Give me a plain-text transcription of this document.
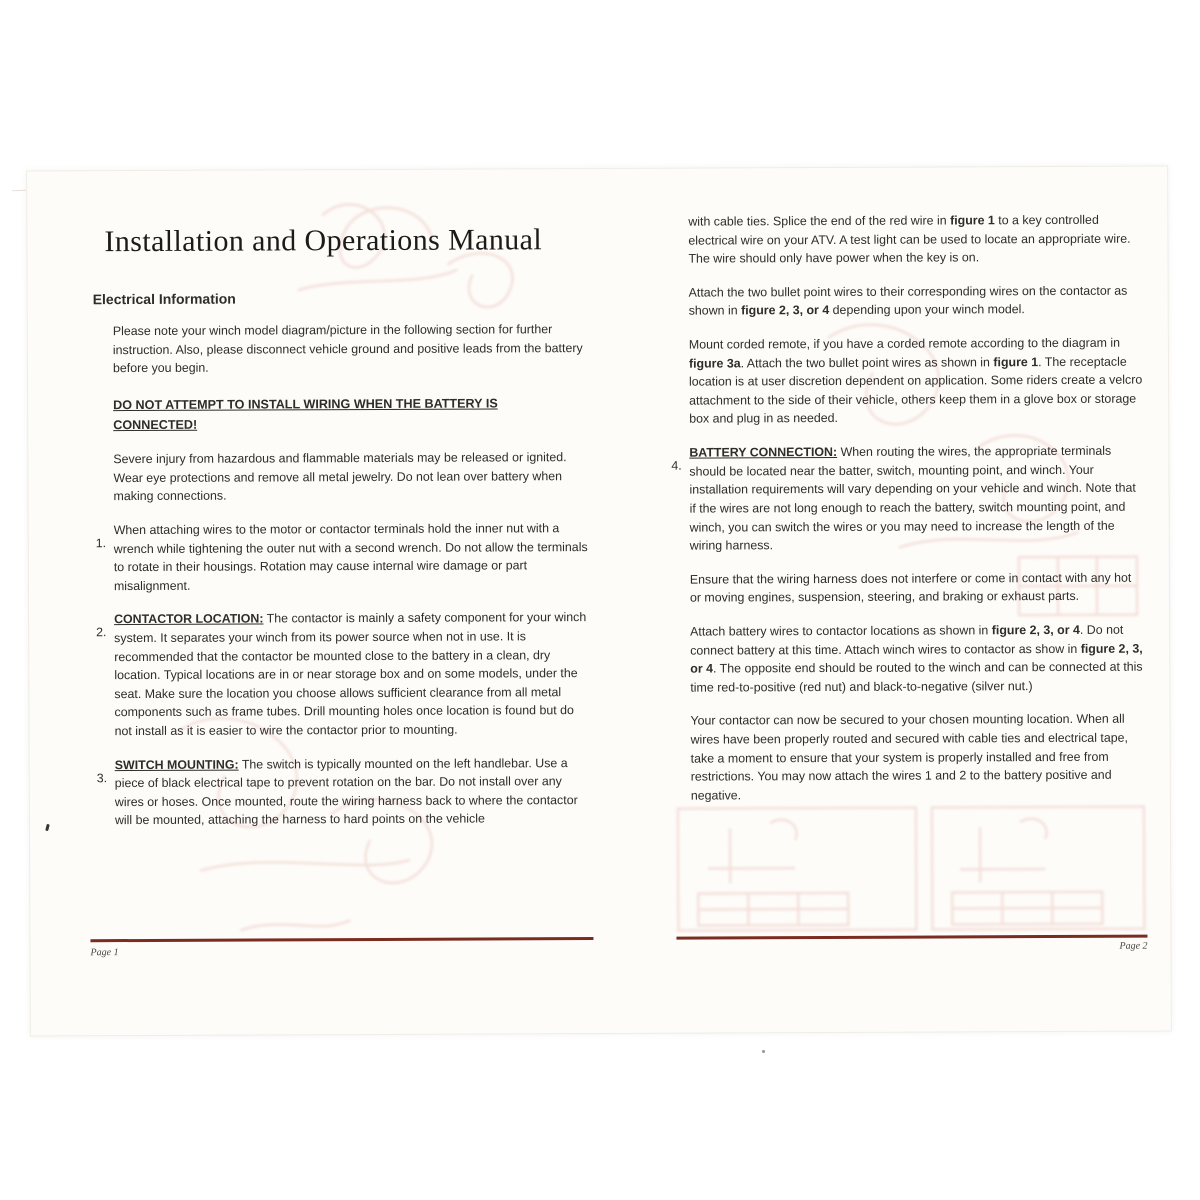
Installation and Operations Manual
Electrical Information

Please note your winch model diagram/picture in the following section for further instruction. Also, please disconnect vehicle ground and positive leads from the battery before you begin.

DO NOT ATTEMPT TO INSTALL WIRING WHEN THE BATTERY IS CONNECTED!

Severe injury from hazardous and flammable materials may be released or ignited. Wear eye protections and remove all metal jewelry. Do not lean over battery when making connections.

1.

When attaching wires to the motor or contactor terminals hold the inner nut with a wrench while tightening the outer nut with a second wrench. Do not allow the terminals to rotate in their housings. Rotation may cause internal wire damage or part misalignment.

2.

CONTACTOR LOCATION: The contactor is mainly a safety component for your winch system. It separates your winch from its power source when not in use. It is recommended that the contactor be mounted close to the battery in a clean, dry location. Typical locations are in or near storage box and on some models, under the seat. Make sure the location you choose allows sufficient clearance from all metal components such as frame tubes. Drill mounting holes once location is found but do not install as it is easier to wire the contactor prior to mounting.

3.

SWITCH MOUNTING: The switch is typically mounted on the left handlebar. Use a piece of black electrical tape to prevent rotation on the bar. Do not install over any wires or hoses. Once mounted, route the wiring harness back to where the contactor will be mounted, attaching the harness to hard points on the vehicle

Page 1

with cable ties. Splice the end of the red wire in figure 1 to a key controlled electrical wire on your ATV. A test light can be used to locate an appropriate wire. The wire should only have power when the key is on.

Attach the two bullet point wires to their corresponding wires on the contactor as shown in figure 2, 3, or 4 depending upon your winch model.

Mount corded remote, if you have a corded remote according to the diagram in figure 3a. Attach the two bullet point wires as shown in figure 1. The receptacle location is at user discretion dependent on application. Some riders create a velcro attachment to the side of their vehicle, others keep them in a glove box or storage box and plug in as needed.

4.

BATTERY CONNECTION: When routing the wires, the appropriate terminals should be located near the batter, switch, mounting point, and winch. Your installation requirements will vary depending on your vehicle and winch. Note that if the wires are not long enough to reach the battery, switch mounting point, and winch, you can switch the wires or you may need to increase the length of the wiring harness.

Ensure that the wiring harness does not interfere or come in contact with any hot or moving engines, suspension, steering, and braking or exhaust parts.

Attach battery wires to contactor locations as shown in figure 2, 3, or 4. Do not connect battery at this time. Attach winch wires to contactor as show in figure 2, 3, or 4. The opposite end should be routed to the winch and can be connected at this time red-to-positive (red nut) and black-to-negative (silver nut.)

Your contactor can now be secured to your chosen mounting location. When all wires have been properly routed and secured with cable ties and electrical tape, take a moment to ensure that your system is properly installed and free from restrictions. You may now attach the wires 1 and 2 to the battery positive and negative.

Page 2
